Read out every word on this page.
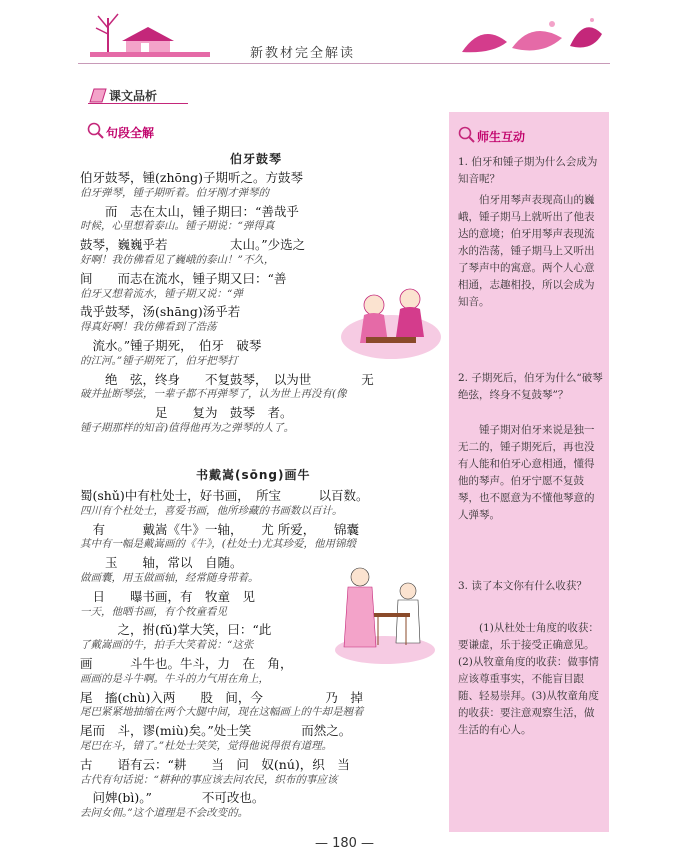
新教材完全解读
课文品析
句段全解
伯牙鼓琴
伯牙鼓琴，锺(zhōng)子期听之。方鼓琴
伯牙弹琴，锺子期听着。伯牙刚才弹琴的
　　而　志在太山，锺子期曰：“善哉乎
时候，心里想着泰山。锺子期说：“弹得真
鼓琴，巍巍乎若　　　　　太山。”少选之
好啊！我仿佛看见了巍峨的泰山！”不久，
间　　而志在流水，锺子期又曰：“善
伯牙又想着流水，锺子期又说：“弹
哉乎鼓琴，汤(shāng)汤乎若
得真好啊！我仿佛看到了浩荡
　流水。”锺子期死，　伯牙　破琴
的江河。”锺子期死了，伯牙把琴打
　　绝　弦，终身　　不复鼓琴，　以为世　　　　无
破并扯断琴弦，一辈子都不再弹琴了，认为世上再没有(像
　　　　　　足　　复为　鼓琴　者。
锺子期那样的知音)值得他再为之弹琴的人了。
书戴嵩(sōng)画牛
蜀(shǔ)中有杜处士，好书画，　所宝　　　以百数。
四川有个杜处士，喜爱书画，他所珍藏的书画数以百计。
　有　　　戴嵩《牛》一轴，　　尤 所爱，　　锦囊
其中有一幅是戴嵩画的《牛》，(杜处士)尤其珍爱，他用锦缎
　　玉　　轴，常以　自随。
做画囊，用玉做画轴，经常随身带着。
　日　　曝书画，有　牧童　见
一天，他晒书画，有个牧童看见
　　　之，拊(fǔ)掌大笑，曰：“此
了戴嵩画的牛，拍手大笑着说：“这张
画　　　斗牛也。牛斗，力　在　角，
画画的是斗牛啊。牛斗的力气用在角上，
尾　搐(chù)入两　　股　间，今　　　　　乃　掉
尾巴紧紧地抽缩在两个大腿中间，现在这幅画上的牛却是翘着
尾而　斗，谬(miù)矣。”处士笑　　　　而然之。
尾巴在斗，错了。”杜处士笑笑，觉得他说得很有道理。
古　　语有云：“耕　　当　问　奴(nú)，织　当
古代有句话说：“耕种的事应该去问农民，织布的事应该
　问婢(bì)。”　　　　不可改也。
去问女佣。”这个道理是不会改变的。
师生互动
1. 伯牙和锺子期为什么会成为知音呢？
伯牙用琴声表现高山的巍峨，锺子期马上就听出了他表达的意境；伯牙用琴声表现流水的浩荡，锺子期马上又听出了琴声中的寓意。两个人心意相通，志趣相投，所以会成为知音。
2. 子期死后，伯牙为什么“破琴绝弦，终身不复鼓琴”？
锺子期对伯牙来说是独一无二的，锺子期死后，再也没有人能和伯牙心意相通，懂得他的琴声。伯牙宁愿不复鼓琴，也不愿意为不懂他琴意的人弹琴。
3. 读了本文你有什么收获？
(1)从杜处士角度的收获：要谦虚，乐于接受正确意见。(2)从牧童角度的收获：做事情应该尊重事实，不能盲目跟随、轻易崇拜。(3)从牧童角度的收获：要注意观察生活，做生活的有心人。
— 180 —
